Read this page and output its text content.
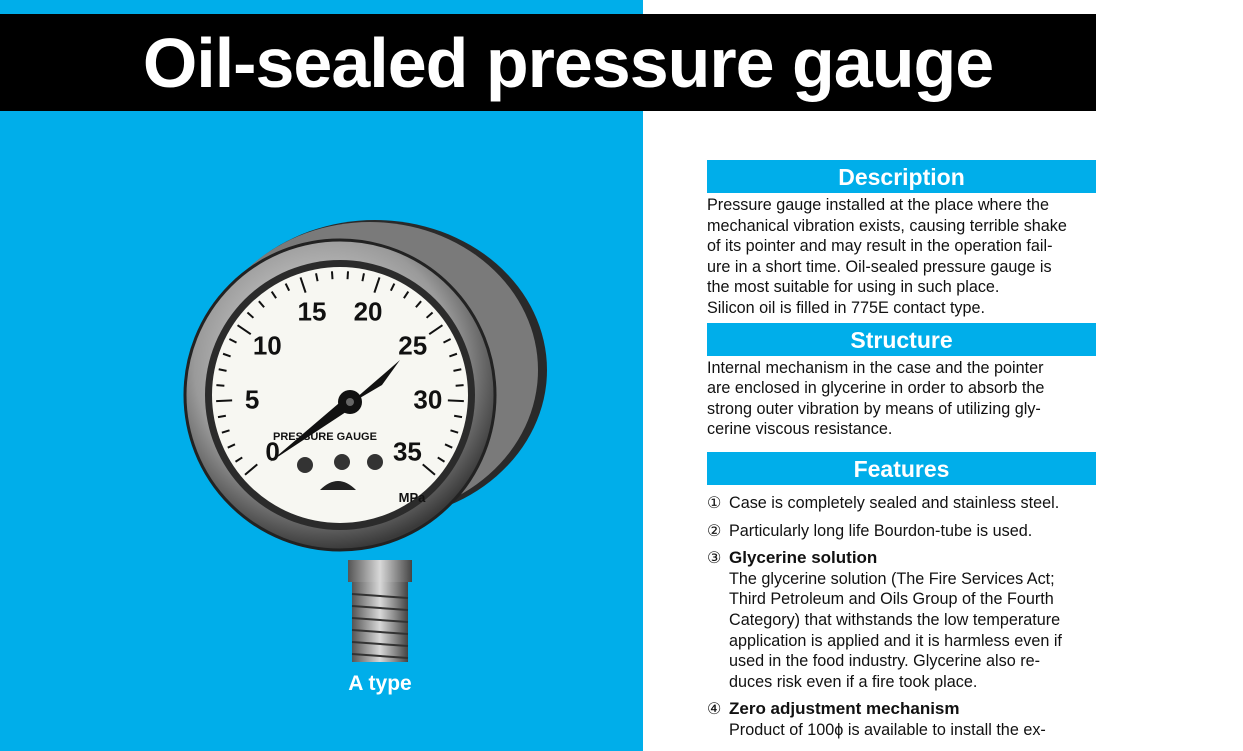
0
5
10
15 20
25
30
35
PRESSURE GAUGE
MPa
A type
Oil-sealed pressure gauge
Description

Pressure gauge installed at the place where the
mechanical vibration exists, causing terrible shake
of its pointer and may result in the operation fail-
ure in a short time. Oil-sealed pressure gauge is
the most suitable for using in such place.
Silicon oil is filled in 775E contact type.

Structure

Internal mechanism in the case and the pointer
are enclosed in glycerine in order to absorb the
strong outer vibration by means of utilizing gly-
cerine viscous resistance.

Features
① Case is completely sealed and stainless steel.
② Particularly long life Bourdon-tube is used.
③ Glycerine solution
The glycerine solution (The Fire Services Act;
Third Petroleum and Oils Group of the Fourth
Category) that withstands the low temperature
application is applied and it is harmless even if
used in the food industry. Glycerine also re-
duces risk even if a fire took place.
④ Zero adjustment mechanism
Product of 100ϕ is available to install the ex-
